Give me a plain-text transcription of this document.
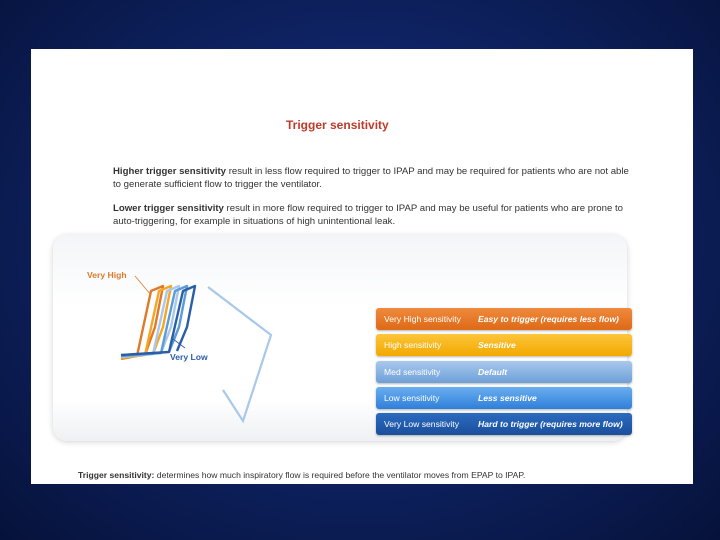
Trigger sensitivity
Higher trigger sensitivity result in less flow required to trigger to IPAP and may be required for patients who are not able to generate sufficient flow to trigger the ventilator.
Lower trigger sensitivity result in more flow required to trigger to IPAP and may be useful for patients who are prone to auto-triggering, for example in situations of high unintentional leak.
Very High
Very Low
Very High sensitivity Easy to trigger (requires less flow)
High sensitivity	Sensitive
Med sensitivity	Default
Low sensitivity	Less sensitive
Very Low sensitivity Hard to trigger (requires more flow)
Trigger sensitivity: determines how much inspiratory flow is required before the ventilator moves from EPAP to IPAP.
